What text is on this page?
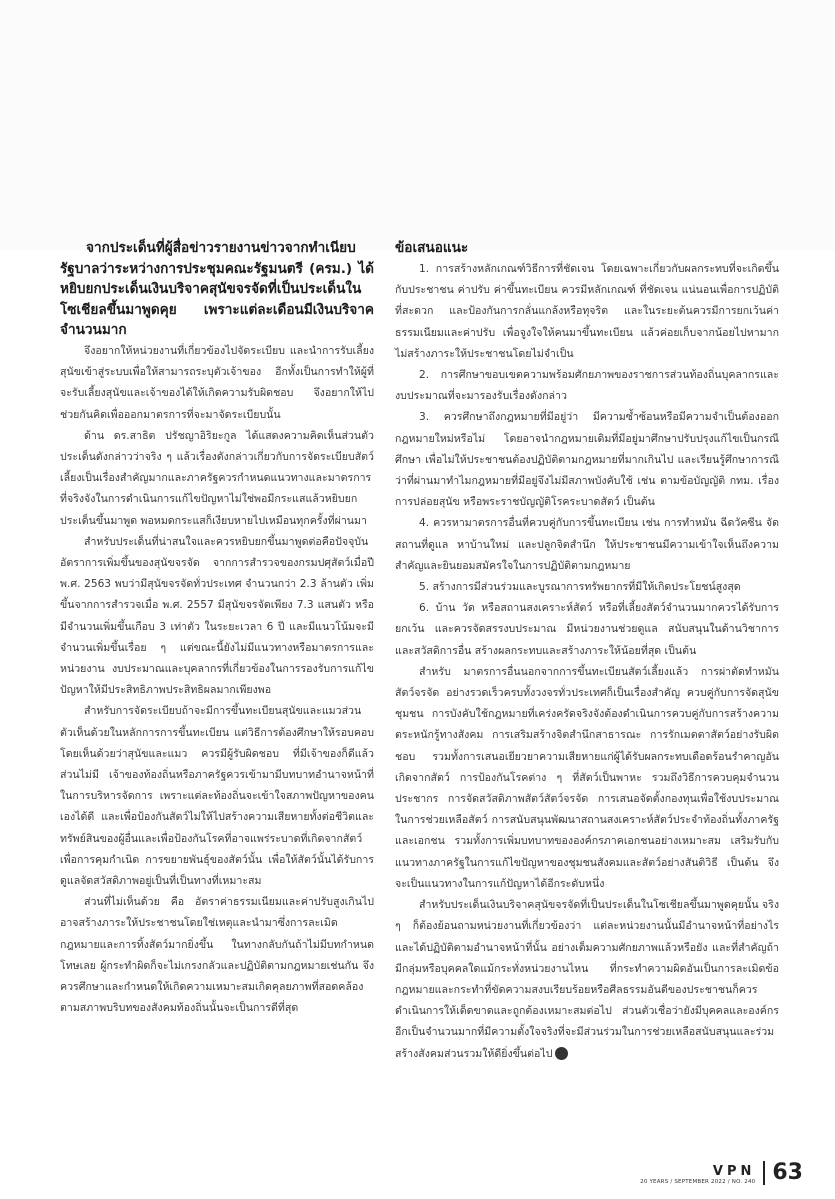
จากประเด็นที่ผู้สื่อข่าวรายงานข่าวจากทำเนียบรัฐบาลว่าระหว่างการประชุมคณะรัฐมนตรี (ครม.) ได้หยิบยกประเด็นเงินบริจาคสุนัขจรจัดที่เป็นประเด็นในโซเชียลขึ้นมาพูดคุย เพราะแต่ละเดือนมีเงินบริจาคจำนวนมาก

จึงอยากให้หน่วยงานที่เกี่ยวข้องไปจัดระเบียบ และนำการรับเลี้ยงสุนัขเข้าสู่ระบบเพื่อให้สามารถระบุตัวเจ้าของ อีกทั้งเป็นการทำให้ผู้ที่จะรับเลี้ยงสุนัขและเจ้าของได้ให้เกิดความรับผิดชอบ จึงอยากให้ไปช่วยกันคิดเพื่อออกมาตรการที่จะมาจัดระเบียบนั้น

ด้าน ดร.สาธิต ปรัชญาอิริยะกูล ได้แสดงความคิดเห็นส่วนตัวประเด็นดังกล่าวว่าจริง ๆ แล้วเรื่องดังกล่าวเกี่ยวกับการจัดระเบียบสัตว์เลี้ยงเป็นเรื่องสำคัญมากและภาครัฐควรกำหนดแนวทางและมาตรการที่จริงจังในการดำเนินการแก้ไขปัญหาไม่ใช่พอมีกระแสแล้วหยิบยกประเด็นขึ้นมาพูด พอหมดกระแสก็เงียบหายไปเหมือนทุกครั้งที่ผ่านมา

สำหรับประเด็นที่น่าสนใจและควรหยิบยกขึ้นมาพูดต่อคือปัจจุบันอัตราการเพิ่มขึ้นของสุนัขจรจัด จากการสำรวจของกรมปศุสัตว์เมื่อปี พ.ศ. 2563 พบว่ามีสุนัขจรจัดทั่วประเทศ จำนวนกว่า 2.3 ล้านตัว เพิ่มขึ้นจากการสำรวจเมื่อ พ.ศ. 2557 มีสุนัขจรจัดเพียง 7.3 แสนตัว หรือมีจำนวนเพิ่มขึ้นเกือบ 3 เท่าตัว ในระยะเวลา 6 ปี และมีแนวโน้มจะมีจำนวนเพิ่มขึ้นเรื่อย ๆ แต่ขณะนี้ยังไม่มีแนวทางหรือมาตรการและหน่วยงาน งบประมาณและบุคลากรที่เกี่ยวข้องในการรองรับการแก้ไขปัญหาให้มีประสิทธิภาพประสิทธิผลมากเพียงพอ

สำหรับการจัดระเบียบถ้าจะมีการขึ้นทะเบียนสุนัขและแมวส่วนตัวเห็นด้วยในหลักการการขึ้นทะเบียน แต่วิธีการต้องศึกษาให้รอบคอบ โดยเห็นด้วยว่าสุนัขและแมว ควรมีผู้รับผิดชอบ ที่มีเจ้าของก็ดีแล้ว ส่วนไม่มี เจ้าของท้องถิ่นหรือภาครัฐควรเข้ามามีบทบาทอำนาจหน้าที่ในการบริหารจัดการ เพราะแต่ละท้องถิ่นจะเข้าใจสภาพปัญหาของคนเองได้ดี และเพื่อป้องกันสัตว์ไม่ให้ไปสร้างความเสียหายทั้งต่อชีวิตและทรัพย์สินของผู้อื่นและเพื่อป้องกันโรคที่อาจแพร่ระบาดที่เกิดจากสัตว์ เพื่อการคุมกำเนิด การขยายพันธุ์ของสัตว์นั้น เพื่อให้สัตว์นั้นได้รับการดูแลจัดสวัสดิภาพอยู่เป็นที่เป็นทางที่เหมาะสม

ส่วนที่ไม่เห็นด้วย คือ อัตราค่าธรรมเนียมและค่าปรับสูงเกินไป อาจสร้างภาระให้ประชาชนโดยใช่เหตุและนำมาซึ่งการละเมิดกฎหมายและการทิ้งสัตว์มากยิ่งขึ้น ในทางกลับกันถ้าไม่มีบทกำหนดโทษเลย ผู้กระทำผิดก็จะไม่เกรงกลัวและปฏิบัติตามกฎหมายเช่นกัน จึงควรศึกษาและกำหนดให้เกิดความเหมาะสมเกิดคุลยภาพที่สอดคล้องตามสภาพบริบทของสังคมท้องถิ่นนั้นจะเป็นการดีที่สุด

ข้อเสนอแนะ

1. การสร้างหลักเกณฑ์วิธีการที่ชัดเจน โดยเฉพาะเกี่ยวกับผลกระทบที่จะเกิดขึ้นกับประชาชน ค่าปรับ ค่าขึ้นทะเบียน ควรมีหลักเกณฑ์ ที่ชัดเจน แน่นอนเพื่อการปฏิบัติที่สะดวก และป้องกันการกลั่นแกล้งหรือทุจริต และในระยะต้นควรมีการยกเว้นค่าธรรมเนียมและค่าปรับ เพื่อจูงใจให้คนมาขึ้นทะเบียน แล้วค่อยเก็บจากน้อยไปหามากไม่สร้างภาระให้ประชาชนโดยไม่จำเป็น

2. การศึกษาขอบเขตความพร้อมศักยภาพของราชการส่วนท้องถิ่นบุคลากรและงบประมาณที่จะมารองรับเรื่องดังกล่าว

3. ควรศึกษาถึงกฎหมายที่มีอยู่ว่า มีความซ้ำซ้อนหรือมีความจำเป็นต้องออกกฎหมายใหม่หรือไม่ โดยอาจนำกฎหมายเดิมที่มีอยู่มาศึกษาปรับปรุงแก้ไขเป็นกรณีศึกษา เพื่อไม่ให้ประชาชนต้องปฏิบัติตามกฎหมายที่มากเกินไป และเรียนรู้ศึกษาการณีว่าที่ผ่านมาทำไมกฎหมายที่มีอยู่จึงไม่มีสภาพบังคับใช้ เช่น ตามข้อบัญญัติ กทม. เรื่องการปล่อยสุนัข หรือพระราชบัญญัติโรคระบาดสัตว์ เป็นต้น

4. ควรหามาตรการอื่นที่ควบคู่กับการขึ้นทะเบียน เช่น การทำหมัน ฉีดวัคซีน จัดสถานที่ดูแล หาบ้านใหม่ และปลูกจิตสำนึก ให้ประชาชนมีความเข้าใจเห็นถึงความสำคัญและยินยอมสมัครใจในการปฏิบัติตามกฎหมาย

5. สร้างการมีส่วนร่วมและบูรณาการทรัพยากรที่มีให้เกิดประโยชน์สูงสุด

6. บ้าน วัด หรือสถานสงเคราะห์สัตว์ หรือที่เลี้ยงสัตว์จำนวนมากควรได้รับการยกเว้น และควรจัดสรรงบประมาณ มีหน่วยงานช่วยดูแล สนับสนุนในด้านวิชาการ และสวัสดิการอื่น สร้างผลกระทบและสร้างภาระให้น้อยที่สุด เป็นต้น

สำหรับ มาตรการอื่นนอกจากการขึ้นทะเบียนสัตว์เลี้ยงแล้ว การผ่าตัดทำหมันสัตว์จรจัด อย่างรวดเร็วครบทั้งวงจรทั่วประเทศก็เป็นเรื่องสำคัญ ควบคู่กับการจัดสุนัขชุมชน การบังคับใช้กฎหมายที่เคร่งครัดจริงจังต้องดำเนินการควบคู่กับการสร้างความตระหนักรู้ทางสังคม การเสริมสร้างจิตสำนึกสาธารณะ การรักเมตตาสัตว์อย่างรับผิดชอบ รวมทั้งการเสนอเยียวยาความเสียหายแก่ผู้ได้รับผลกระทบเดือดร้อนรำคาญอันเกิดจากสัตว์ การป้องกันโรคต่าง ๆ ที่สัตว์เป็นพาหะ รวมถึงวิธีการควบคุมจำนวนประชากร การจัดสวัสดิภาพสัตว์สัตว์จรจัด การเสนอจัดตั้งกองทุนเพื่อใช้งบประมาณในการช่วยเหลือสัตว์ การสนับสนุนพัฒนาสถานสงเคราะห์สัตว์ประจำท้องถิ่นทั้งภาครัฐและเอกชน รวมทั้งการเพิ่มบทบาทขององค์กรภาคเอกชนอย่างเหมาะสม เสริมรับกับแนวทางภาครัฐในการแก้ไขปัญหาของชุมชนสังคมและสัตว์อย่างสันติวิธี เป็นต้น จึงจะเป็นแนวทางในการแก้ปัญหาได้อีกระดับหนึ่ง

สำหรับประเด็นเงินบริจาคสุนัขจรจัดที่เป็นประเด็นในโซเชียลขึ้นมาพูดคุยนั้น จริง ๆ ก็ต้องย้อนถามหน่วยงานที่เกี่ยวข้องว่า แต่ละหน่วยงานนั้นมีอำนาจหน้าที่อย่างไร และได้ปฏิบัติตามอำนาจหน้าที่นั้น อย่างเต็มความศักยภาพแล้วหรือยัง และที่สำคัญถ้ามีกลุ่มหรือบุคคลใดแม้กระทั่งหน่วยงานไหน ที่กระทำความผิดอันเป็นการละเมิดข้อกฎหมายและกระทำที่ขัดความสงบเรียบร้อยหรือศีลธรรมอันดีของประชาชนก็ควรดำเนินการให้เด็ดขาดและถูกต้องเหมาะสมต่อไป ส่วนตัวเชื่อว่ายังมีบุคคลและองค์กรอีกเป็นจำนวนมากที่มีความตั้งใจจริงที่จะมีส่วนร่วมในการช่วยเหลือสนับสนุนและร่วมสร้างสังคมส่วนรวมให้ดียิ่งขึ้นต่อไป	VPN

VPN
20 YEARS / SEPTEMBER 2022 / NO. 240 63
